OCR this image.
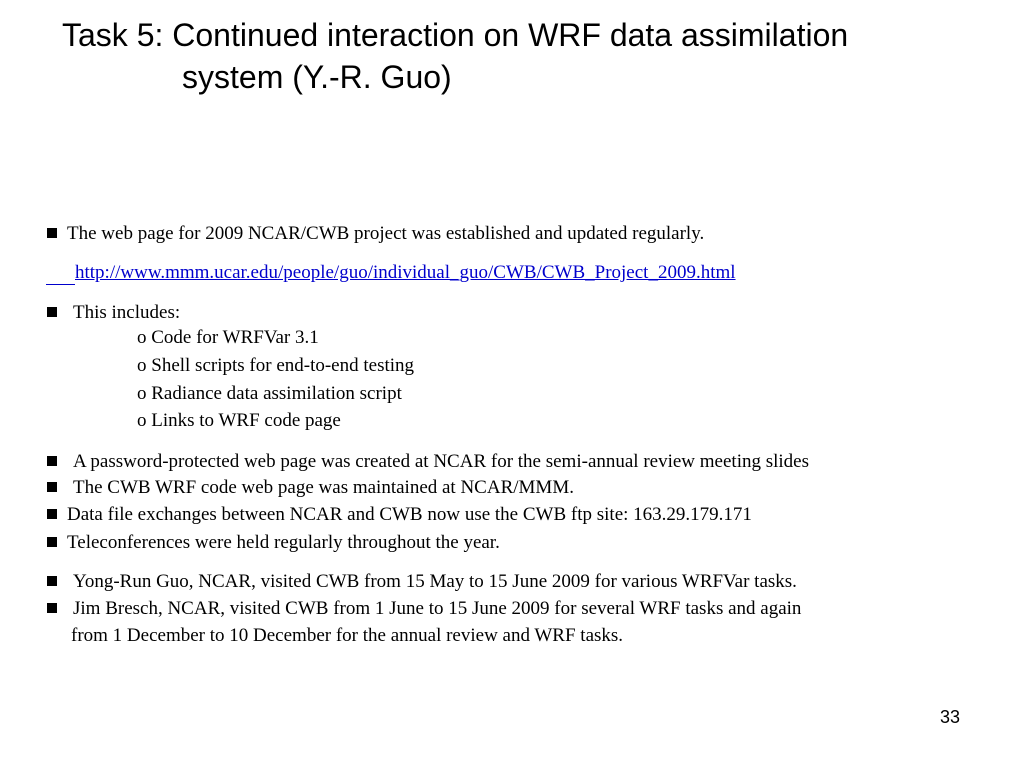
Task 5: Continued interaction on WRF data assimilation
system (Y.-R. Guo)
The web page for 2009 NCAR/CWB project was established and updated regularly.
http://www.mmm.ucar.edu/people/guo/individual_guo/CWB/CWB_Project_2009.html
This includes:
o Code for WRFVar 3.1
o Shell scripts for end-to-end testing
o Radiance data assimilation script
o Links to WRF code page
A password-protected web page was created at NCAR for the semi-annual review meeting slides
The CWB WRF code web page was maintained at NCAR/MMM.
Data file exchanges between NCAR and CWB now use the CWB ftp site: 163.29.179.171
Teleconferences were held regularly throughout the year.
Yong-Run Guo, NCAR, visited CWB from 15 May to 15 June 2009 for various WRFVar tasks.
Jim Bresch, NCAR, visited CWB from 1 June to 15 June 2009 for several WRF tasks and again
from 1 December to 10 December for the annual review and WRF tasks.
33
